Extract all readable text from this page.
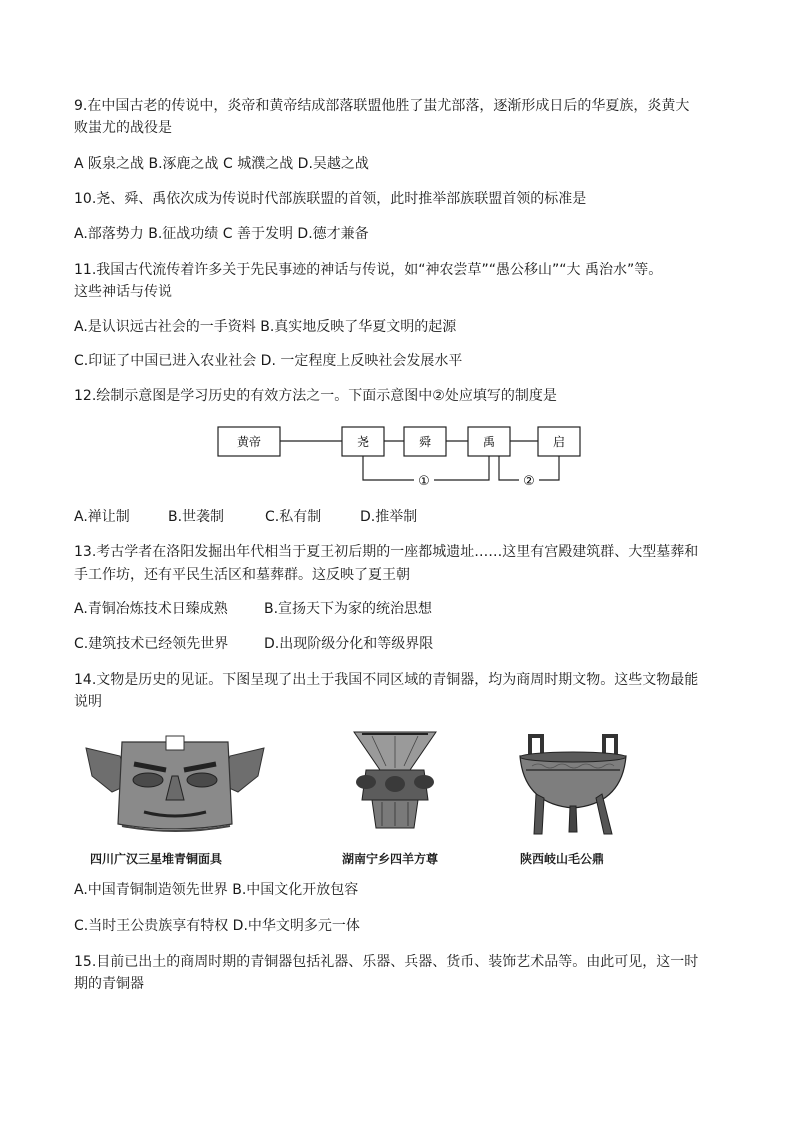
9.在中国古老的传说中，炎帝和黄帝结成部落联盟他胜了蚩尤部落，逐渐形成日后的华夏族，炎黄大
败蚩尤的战役是
A 阪泉之战 B.涿鹿之战 C 城濮之战 D.吴越之战
10.尧、舜、禹依次成为传说时代部族联盟的首领，此时推举部族联盟首领的标准是
A.部落势力 B.征战功绩 C 善于发明 D.德才兼备
11.我国古代流传着许多关于先民事迹的神话与传说，如“神农尝草”“愚公移山”“大 禹治水”等。
这些神话与传说
A.是认识远古社会的一手资料 B.真实地反映了华夏文明的起源
C.印证了中国已进入农业社会 D. 一定程度上反映社会发展水平
12.绘制示意图是学习历史的有效方法之一。下面示意图中②处应填写的制度是
黄帝	尧	舜	禹	启
①	②
A.禅让制	B.世袭制	C.私有制	D.推举制
13.考古学者在洛阳发掘出年代相当于夏王初后期的一座都城遗址……这里有宫殿建筑群、大型墓葬和
手工作坊，还有平民生活区和墓葬群。这反映了夏王朝
A.青铜冶炼技术日臻成熟	B.宣扬天下为家的统治思想
C.建筑技术已经领先世界	D.出现阶级分化和等级界限
14.文物是历史的见证。下图呈现了出土于我国不同区域的青铜器，均为商周时期文物。这些文物最能
说明
四川广汉三星堆青铜面具	湖南宁乡四羊方尊	陕西岐山毛公鼎
A.中国青铜制造领先世界 B.中国文化开放包容
C.当时王公贵族享有特权 D.中华文明多元一体
15.目前已出土的商周时期的青铜器包括礼器、乐器、兵器、货币、装饰艺术品等。由此可见，这一时
期的青铜器
